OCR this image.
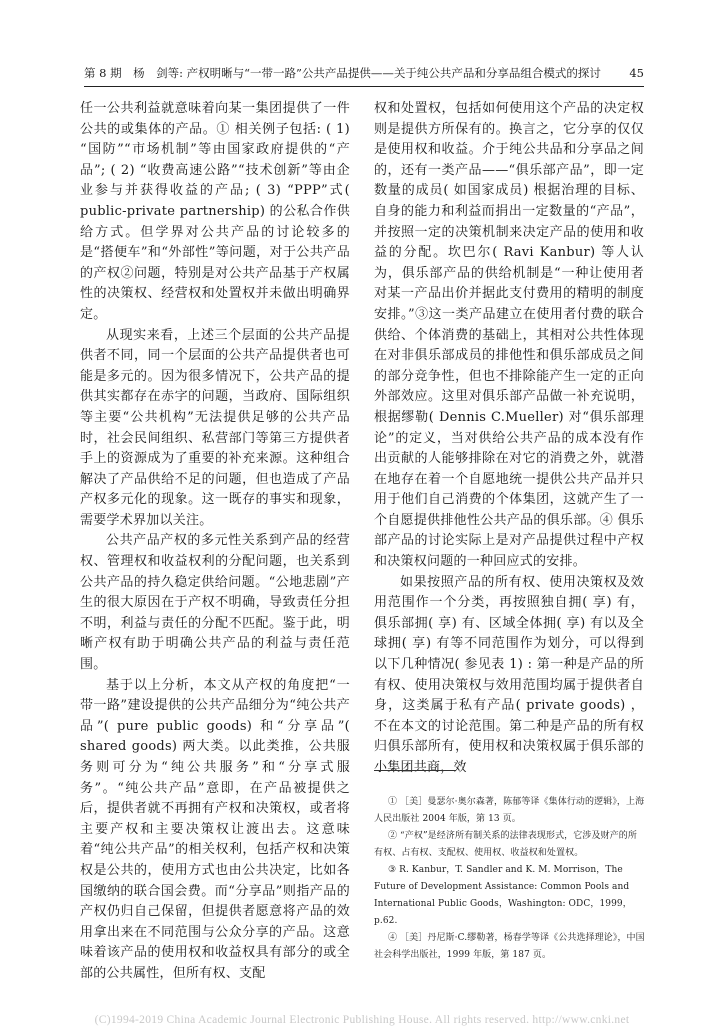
第 8 期　杨　剑等: 产权明晰与“一带一路”公共产品提供——关于纯公共产品和分享品组合模式的探讨 45

任一公共利益就意味着向某一集团提供了一件公共的或集体的产品。① 相关例子包括: ( 1) “国防”“市场机制”等由国家政府提供的“产品”; ( 2) “收费高速公路”“技术创新”等由企业参与并获得收益的产品; ( 3) “PPP”式( public-private partnership) 的公私合作供给方式。但学界对公共产品的讨论较多的是“搭便车”和“外部性”等问题，对于公共产品的产权②问题，特别是对公共产品基于产权属性的决策权、经营权和处置权并未做出明确界定。

从现实来看，上述三个层面的公共产品提供者不同，同一个层面的公共产品提供者也可能是多元的。因为很多情况下，公共产品的提供其实都存在赤字的问题，当政府、国际组织等主要“公共机构”无法提供足够的公共产品时，社会民间组织、私营部门等第三方提供者手上的资源成为了重要的补充来源。这种组合解决了产品供给不足的问题，但也造成了产品产权多元化的现象。这一既存的事实和现象，需要学术界加以关注。

公共产品产权的多元性关系到产品的经营权、管理权和收益权利的分配问题，也关系到公共产品的持久稳定供给问题。“公地悲剧”产生的很大原因在于产权不明确，导致责任分担不明，利益与责任的分配不匹配。鉴于此，明晰产权有助于明确公共产品的利益与责任范围。

基于以上分析，本文从产权的角度把“一带一路”建设提供的公共产品细分为“纯公共产品”( pure public goods) 和“分享品”( shared goods) 两大类。以此类推，公共服务则可分为“纯公共服务”和“分享式服务”。“纯公共产品”意即，在产品被提供之后，提供者就不再拥有产权和决策权，或者将主要产权和主要决策权让渡出去。这意味着“纯公共产品”的相关权利，包括产权和决策权是公共的，使用方式也由公共决定，比如各国缴纳的联合国会费。而“分享品”则指产品的产权仍归自己保留，但提供者愿意将产品的效用拿出来在不同范围与公众分享的产品。这意味着该产品的使用权和收益权具有部分的或全部的公共属性，但所有权、支配

权和处置权，包括如何使用这个产品的决定权则是提供方所保有的。换言之，它分享的仅仅是使用权和收益。介于纯公共品和分享品之间的，还有一类产品——“俱乐部产品”，即一定数量的成员( 如国家成员) 根据治理的目标、自身的能力和利益而捐出一定数量的“产品”，并按照一定的决策机制来决定产品的使用和收益的分配。坎巴尔( Ravi Kanbur) 等人认为，俱乐部产品的供给机制是“一种让使用者对某一产品出价并据此支付费用的精明的制度安排。”③这一类产品建立在使用者付费的联合供给、个体消费的基础上，其相对公共性体现在对非俱乐部成员的排他性和俱乐部成员之间的部分竞争性，但也不排除能产生一定的正向外部效应。这里对俱乐部产品做一补充说明，根据缪勒( Dennis C.Mueller) 对“俱乐部理论”的定义，当对供给公共产品的成本没有作出贡献的人能够排除在对它的消费之外，就潜在地存在着一个自愿地统一提供公共产品并只用于他们自己消费的个体集团，这就产生了一个自愿提供排他性公共产品的俱乐部。④ 俱乐部产品的讨论实际上是对产品提供过程中产权和决策权问题的一种回应式的安排。

如果按照产品的所有权、使用决策权及效用范围作一个分类，再按照独自拥( 享) 有，俱乐部拥( 享) 有、区域全体拥( 享) 有以及全球拥( 享) 有等不同范围作为划分，可以得到以下几种情况( 参见表 1) : 第一种是产品的所有权、使用决策权与效用范围均属于提供者自身，这类属于私有产品( private goods) ，不在本文的讨论范围。第二种是产品的所有权归俱乐部所有，使用权和决策权属于俱乐部的小集团共商，效

① ［美］曼瑟尔·奥尔森著，陈郁等译《集体行动的逻辑》，上海人民出版社 2004 年版，第 13 页。
② “产权”是经济所有制关系的法律表现形式，它涉及财产的所有权、占有权、支配权、使用权、收益权和处置权。
③ R. Kanbur，T. Sandler and K. M. Morrison，The Future of Development Assistance: Common Pools and International Public Goods，Washington: ODC，1999，p.62.
④ ［美］丹尼斯·C.缪勒著，杨春学等译《公共选择理论》，中国社会科学出版社，1999 年版，第 187 页。
(C)1994-2019 China Academic Journal Electronic Publishing House. All rights reserved. http://www.cnki.net
